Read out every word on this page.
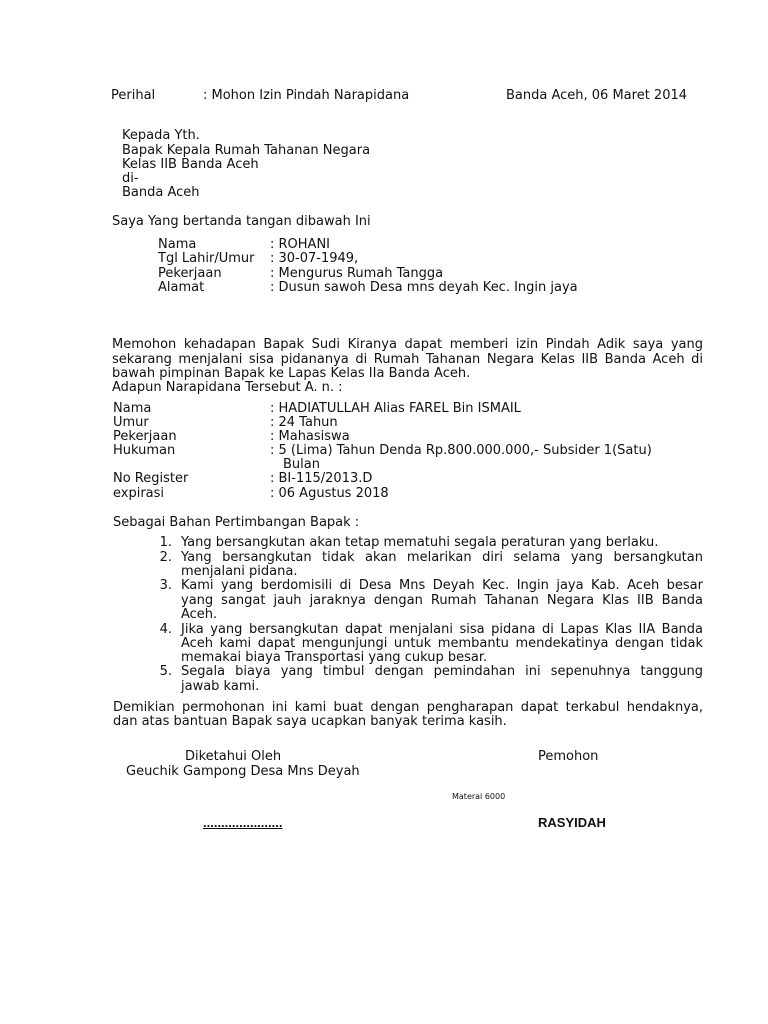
Perihal	: Mohon Izin Pindah Narapidana	Banda Aceh, 06 Maret 2014
Kepada Yth.
Bapak Kepala Rumah Tahanan Negara
Kelas IIB Banda Aceh
di-
Banda Aceh
Saya Yang bertanda tangan dibawah Ini
Nama	: ROHANI
Tgl Lahir/Umur : 30-07-1949,
Pekerjaan	: Mengurus Rumah Tangga
Alamat	: Dusun sawoh Desa mns deyah Kec. Ingin jaya
Memohon kehadapan Bapak Sudi Kiranya dapat memberi izin Pindah Adik saya yang
sekarang menjalani sisa pidananya di Rumah Tahanan Negara Kelas IIB Banda Aceh di
bawah pimpinan Bapak ke Lapas Kelas IIa Banda Aceh.
Adapun Narapidana Tersebut A. n. :
Nama	: HADIATULLAH Alias FAREL Bin ISMAIL
Umur	: 24 Tahun
Pekerjaan	: Mahasiswa
Hukuman	: 5 (Lima) Tahun Denda Rp.800.000.000,- Subsider 1(Satu)
Bulan
No Register	: BI-115/2013.D
expirasi	: 06 Agustus 2018
Sebagai Bahan Pertimbangan Bapak :
1. Yang bersangkutan akan tetap mematuhi segala peraturan yang berlaku.
2. Yang bersangkutan tidak akan melarikan diri selama yang bersangkutan
menjalani pidana.
3. Kami yang berdomisili di Desa Mns Deyah Kec. Ingin jaya Kab. Aceh besar
yang sangat jauh jaraknya dengan Rumah Tahanan Negara Klas IIB Banda
Aceh.
4. Jika yang bersangkutan dapat menjalani sisa pidana di Lapas Klas IIA Banda
Aceh kami dapat mengunjungi untuk membantu mendekatinya dengan tidak
memakai biaya Transportasi yang cukup besar.
5. Segala biaya yang timbul dengan pemindahan ini sepenuhnya tanggung
jawab kami.
Demikian permohonan ini kami buat dengan pengharapan dapat terkabul hendaknya,
dan atas bantuan Bapak saya ucapkan banyak terima kasih.
Diketahui Oleh
Geuchik Gampong Desa Mns Deyah
Pemohon
Materai 6000
......................	RASYIDAH
